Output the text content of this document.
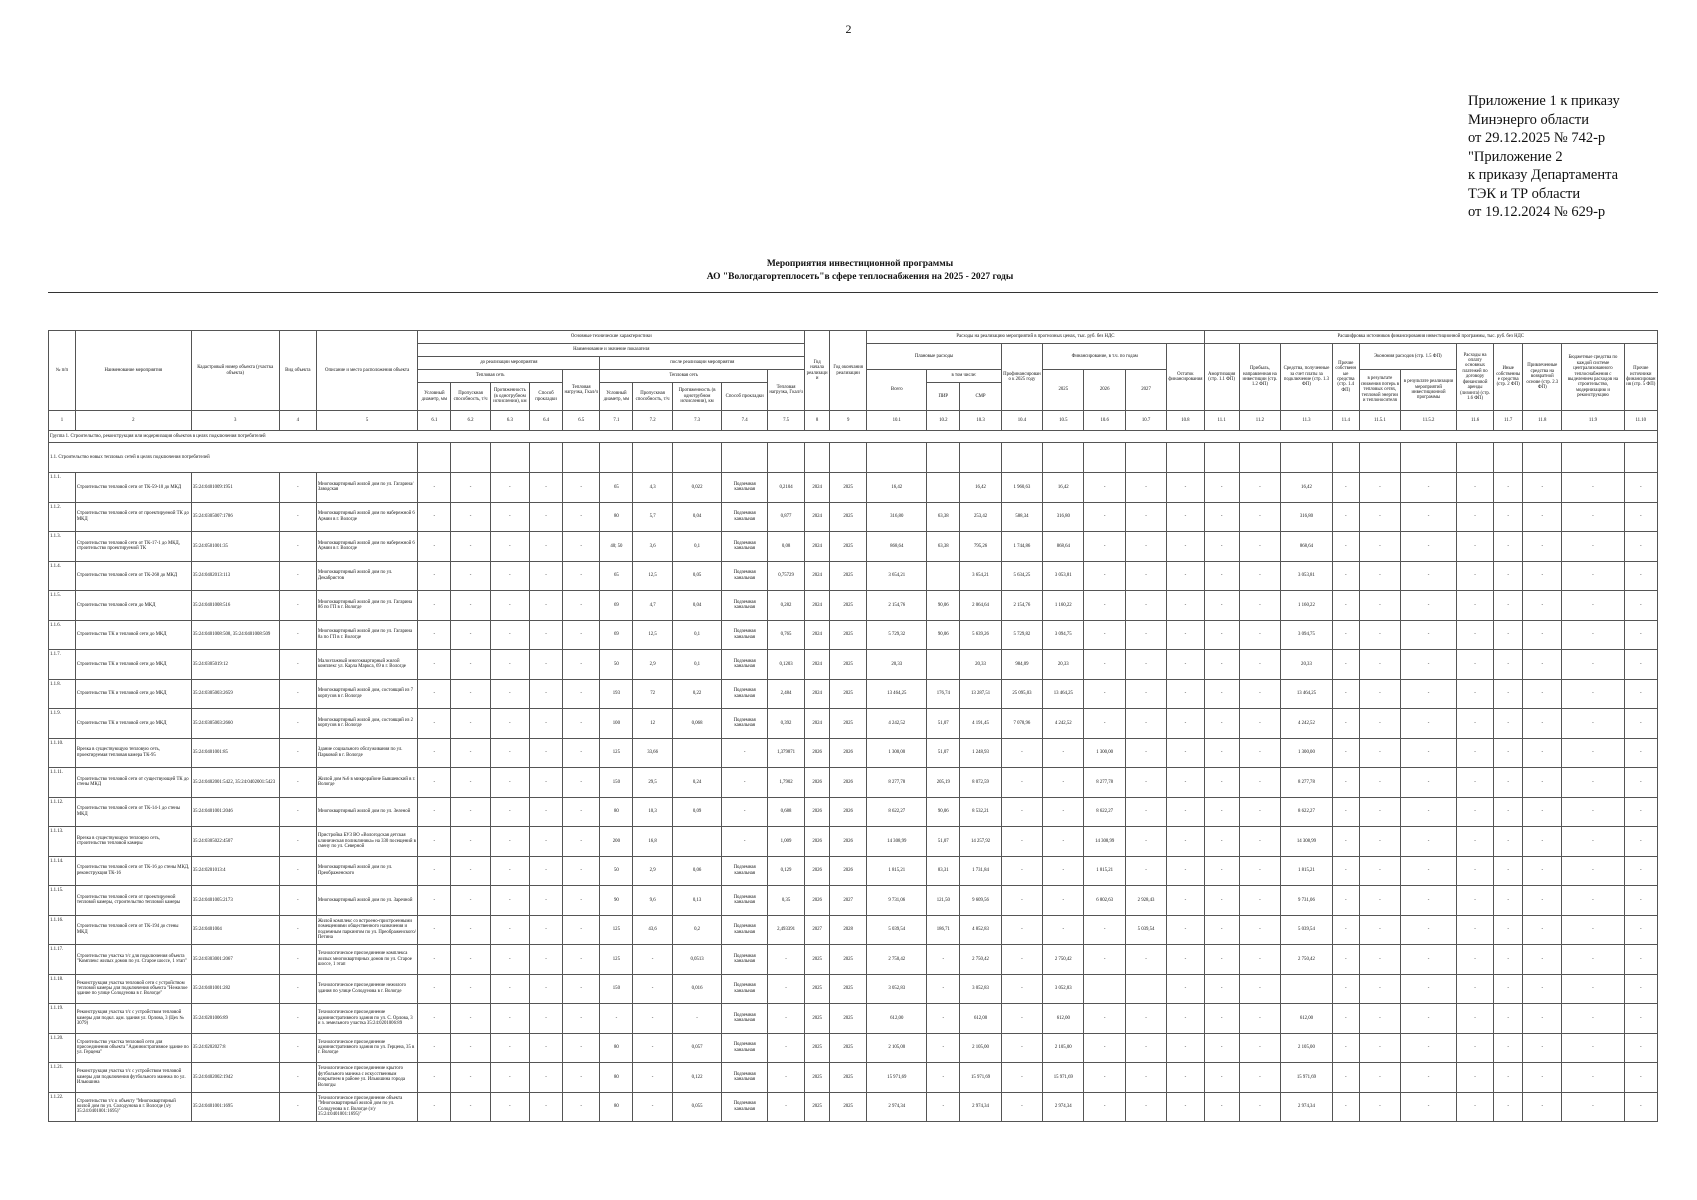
2
Приложение 1 к приказу
Минэнерго области
от 29.12.2025 № 742-р
"Приложение 2
к приказу Департамента
ТЭК и ТР области
от 19.12.2024 № 629-р
Мероприятия инвестиционной программы
АО "Вологдагортеплосеть"в сфере теплоснабжения на 2025 - 2027 годы
№ п/п	Наименование мероприятия	Кадастровый номер объекта (участка объекта)	Вид объекта	Описание и место расположения объекта	Основные технические характеристики										Год начала реализации	Год окончания реализации	Расходы на реализацию мероприятий в прогнозных ценах, тыс. руб. без НДС								Расшифровка источников финансирования инвестиционной программы, тыс. руб. без НДС										
					Наименование и значение показателя												Плановые расходы			Профинансировано к 2025 году	Финансирование, в т.ч. по годам			Остаток финансирования	Амортизация (стр. 1.1 ФП)	Прибыль, направленная на инвестиции (стр. 1.2 ФП)	Средства, полученные за счет платы за подключение (стр. 1.3 ФП)	Прочие собственные средства (стр. 1.4 ФП)	Экономия расходов (стр. 1.5 ФП)		Расходы на оплату основных платежей по договору финансовой аренды (лизинга) (стр. 1.6 ФП)	Иные собственные средства (стр. 2 ФП)	Привлеченные средства на возвратной основе (стр. 2.3 ФП)	Бюджетные средства по каждой системе централизованного теплоснабжения с выделением расходов на строительство, модернизацию и реконструкцию	Прочие источники финансирования (стр. 5 ФП)
					до реализации мероприятия					после реализации мероприятия																									
					Тепловая сеть				Тепловая нагрузка, Гкал/ч	Тепловая сеть				Тепловая нагрузка, Гкал/ч			Всего	в том числе:			2025	2026	2027						в результате снижения потерь в тепловых сетях, тепловой энергии и теплоносителя	в результате реализации мероприятий инвестиционной программы					
					Условный диаметр, мм	Пропускная способность, т/ч	Протяженность (в однотрубном исчислении), км	Способ прокладки		Условный диаметр, мм	Пропускная способность, т/ч	Протяженность (в однотрубном исчислении), км	Способ прокладки					ПИР	СМР																
1	2	3	4	5	6.1	6.2	6.3	6.4	6.5	7.1	7.2	7.3	7.4	7.5	8	9	10.1	10.2	10.3	10.4	10.5	10.6	10.7	10.8	11.1	11.2	11.3	11.4	11.5.1	11.5.2	11.6	11.7	11.8	11.9	11.10
Группа 1. Строительство, реконструкция или модернизация объектов в целях подключения потребителей																																			
1.1. Строительство новых тепловых сетей в целях подключения потребителей																																			
1.1.1.	Строительство тепловой сети от ТК-59-10 до МКД	35:24:0401009:1951	-	Многоквартирный жилой дом по ул. Гагарина/Заводская	-	-	-	-	-	65	4,3	0,022	Подземная канальная	0,2104	2024	2025	16,42		16,42	1 960,63	16,42	-	-	-	-	-	16,42	-	-	-	-	-	-	-	-
1.1.2.	Строительство тепловой сети от проектируемой ТК до МКД	35:24:0305007:1786	-	Многоквартирный жилой дом по набережной 6 Армии в г. Вологде	-	-	-	-	-	80	5,7	0,04	Подземная канальная	0,877	2024	2025	316,80	63,38	253,42	588,34	316,80	-	-	-	-	-	316,80	-	-	-	-	-	-	-	-
1.1.3.	Строительство тепловой сети от ТК-17-1 до МКД, строительство проектируемой ТК	35:24:0501001:35	-	Многоквартирный жилой дом по набережной 6 Армии в г. Вологде	-	-	-	-	-	40; 50	3,6	0,1	Подземная канальная	0,08	2024	2025	868,64	63,38	795,26	1 744,86	868,64	-	-	-	-	-	868,64	-	-	-	-	-	-	-	-
1.1.4.	Строительство тепловой сети от ТК-268 до МКД	35:24:0402013:113	-	Многоквартирный жилой дом по ул. Декабристов	-	-	-	-	-	65	12,5	0,05	Подземная канальная	0,75729	2024	2025	3 654,21		3 654,21	5 634,25	3 053,81	-	-	-	-	-	3 053,81	-	-	-	-	-	-	-	-
1.1.5.	Строительство тепловой сети до МКД	35:24:0401008:516	-	Многоквартирный жилой дом по ул. Гагарина 8б по ГП в г. Вологде	-	-	-	-	-	69	4,7	0,04	Подземная канальная	0,282	2024	2025	2 154,76	90,06	2 064,64	2 154,76	1 160,22	-	-	-	-	-	1 160,22	-	-	-	-	-	-	-	-
1.1.6.	Строительство ТК и тепловой сети до МКД	35:24:0401008:508, 35:24:0401008:509	-	Многоквартирный жилой дом по ул. Гагарина 8а по ГП в г. Вологде	-	-	-	-	-	69	12,5	0,1	Подземная канальная	0,765	2024	2025	5 729,32	90,06	5 639,26	5 729,82	3 094,75	-	-	-	-	-	3 094,75	-	-	-	-	-	-	-	-
1.1.7.	Строительство ТК и тепловой сети до МКД	35:24:0305019:12	-	Малоэтажный многоквартирный жилой комплекс ул. Карла Маркса, 69 в г. Вологде	-	-	-	-	-	50	2,9	0,1	Подземная канальная	0,1203	2024	2025	20,33		20,33	984,09	20,33	-	-	-	-	-	20,33	-	-	-	-	-	-	-	-
1.1.8.	Строительство ТК и тепловой сети до МКД	35:24:0305003:2659	-	Многоквартирный жилой дом, состоящий из 7 корпусов в г. Вологде	-	-	-	-	-	193	72	0,22	Подземная канальная	2,484	2024	2025	13 464,25	176,74	13 287,51	25 095,03	13 464,25	-	-	-	-	-	13 464,25	-	-	-	-	-	-	-	-
1.1.9.	Строительство ТК и тепловой сети до МКД	35:24:0305003:2660	-	Многоквартирный жилой дом, состоящий из 2 корпусов в г. Вологде	-	-	-	-	-	100	12	0,068	Подземная канальная	0,392	2024	2025	4 242,52	51,07	4 191,45	7 078,96	4 242,52	-	-	-	-	-	4 242,52	-	-	-	-	-	-	-	-
1.1.10.	Врезка в существующую тепловую сеть, проектируемая тепловая камера ТК-95	35:24:0401001:85	-	Здание социального обслуживания по ул. Парковой в г. Вологде	-	-	-	-	-	125	33,66		-	1,379871	2026	2026	1 300,00	51,07	1 248,93	-	-	1 300,00	-	-	-	-	1 300,00	-	-	-	-	-	-	-	-
1.1.11.	Строительство тепловой сети от существующей ТК до стены МКД	35:24:0402001:5422, 35:24:0402001:5423	-	Жилой дом №6 в микрорайоне Бывшевский в г. Вологде	-	-	-	-	-	150	29,5	0,24	-	1,7902	2026	2026	8 277,78	205,19	8 072,59	-	-	8 277,78	-	-	-	-	8 277,78	-	-	-	-	-	-	-	-
1.1.12.	Строительство тепловой сети от ТК-14-1 до стены МКД	35:24:0401001:2046	-	Многоквартирный жилой дом по ул. Зеленой	-	-	-	-	-	80	10,3	0,09	-	0,688	2026	2026	8 622,27	90,06	8 532,21	-	-	8 622,27	-	-	-	-	8 622,27	-	-	-	-	-	-	-	-
1.1.13.	Врезка в существующую тепловую сеть, строительство тепловой камеры	35:24:0305022:4507	-	Пристройка БУЗ ВО «Вологодская детская клиническая поликлиника» на 330 посещений в смену по ул. Северной	-	-	-	-	-	200	16,8		-	1,009	2026	2026	14 308,99	51,07	14 257,92	-	-	14 308,99	-	-	-	-	14 308,99	-	-	-	-	-	-	-	-
1.1.14.	Строительство тепловой сети от ТК-16 до стены МКД, реконструкция ТК-16	35:24:0201013:4	-	Многоквартирный жилой дом по ул. Преображенского	-	-	-	-	-	50	2,9	0,06	Подземная канальная	0,129	2026	2026	1 815,21	83,31	1 731,84	-	-	1 815,21	-	-	-	-	1 815,21	-	-	-	-	-	-	-	-
1.1.15.	Строительство тепловой сети от проектируемой тепловой камеры, строительство тепловой камеры	35:24:0401005:2173	-	Многоквартирный жилой дом по ул. Заречной	-	-	-	-	-	90	9,6	0,13	Подземная канальная	0,35	2026	2027	9 731,06	121,50	9 609,56	-	-	6 802,63	2 928,43	-	-	-	9 731,06	-	-	-	-	-	-	-	-
1.1.16.	Строительство тепловой сети от ТК-194 до стены МКД	35:24:0401004	-	Жилой комплекс со встроено-пристроенными помещениями общественного назначения и подземным паркингом по ул. Преображенского/Петина	-	-	-	-	-	125	43,6	0,2	Подземная канальная	2,493391	2027	2028	5 039,54	186,71	4 852,83	-	-	-	5 039,54	-	-	-	5 039,54	-	-	-	-	-	-	-	-
1.1.17.	Строительство участка т/с для подключения объекта "Комплекс жилых домов по ул. Старое шоссе, 1 этап"	35:24:0303001:2067	-	Технологическое присоединение комплекса жилых многоквартирных домов по ул. Старое шоссе, 1 этап	-	-	-	-	-	125	-	0,0513	Подземная канальная	-	2025	2025	2 750,42	-	2 750,42	-	2 750,42	-	-	-	-	-	2 750,42	-	-	-	-	-	-	-	-
1.1.18.	Реконструкция участка тепловой сети с устройством тепловой камеры для подключения объекта "Нежилое здание по улице Солодунова в г. Вологде"	35:24:0401001:282	-	Технологическое присоединение нежилого здания по улице Солодунова в г. Вологде	-	-	-	-	-	150	-	0,016	Подземная канальная	-	2025	2025	3 052,83	-	3 052,83	-	3 052,83			-	-	-		-	-	-	-	-	-	-	-
1.1.19.	Реконструкция участка т/с с устройством тепловой камеры для подкл. адм. здания ул. Орлова, 3 (Цех № 3079)	35:24:0201006:89	-	Технологическое присоединение административного здания по ул. С. Орлова, 3 и з. земельного участка 35:24:0201006:89	-	-	-	-	-	-	-	-	Подземная канальная	-	2025	2025	612,00	-	612,00	-	612,00	-	-	-	-	-	612,00	-	-	-	-	-	-	-	-
1.1.20.	Строительство участка тепловой сети для присоединения объекта "Административное здание по ул. Герцена"	35:24:0202027:8	-	Технологическое присоединение административного здания по ул. Герцена, 35 в г. Вологде	-	-	-	-	-	80	-	0,057	Подземная канальная	-	2025	2025	2 105,00	-	2 105,00	-	2 105,00	-	-	-	-	-	2 105,00	-	-	-	-	-	-	-	-
1.1.21.	Реконструкция участка т/с с устройством тепловой камеры для подключения футбольного манежа по ул. Ильюшина	35:24:0402002:1942	-	Технологическое присоединение крытого футбольного манежа с искусственным покрытием в районе ул. Ильюшина города Вологды	-	-	-	-	-	80	-	0,122	Подземная канальная	-	2025	2025	15 971,69	-	15 971,69	-	15 971,69	-	-	-	-	-	15 971,69	-	-	-	-	-	-	-	-
1.1.22.	Строительство т/с к объекту "Многоквартирный жилой дом по ул. Солодунова в г. Вологде (з/у 35:24:0401001:1695)"	35:24:0401001:1695	-	Технологическое присоединение объекта "Многоквартирный жилой дом по ул. Солодунова в г. Вологде (з/у 35:24:0401001:1695)"	-	-	-	-	-	80	-	0,055	Подземная канальная	-	2025	2025	2 974,34	-	2 974,34	-	2 974,34	-	-	-	-	-	2 974,34	-	-	-	-	-	-	-	-
